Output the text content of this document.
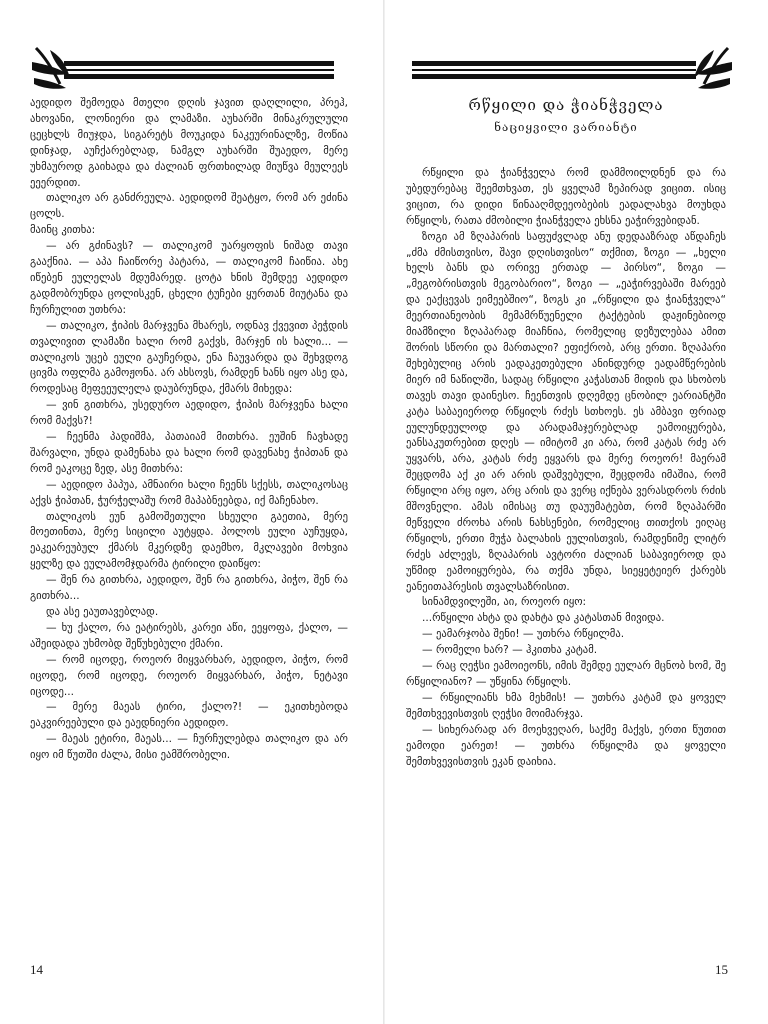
აედიდო შემოედა მთელი დღის ჯავით დაღლილი, პრეჰ, ახოვანი, ლონიერი და ლამაზი. აუხარში მინაკრულული ცეცხლს მიუჯდა, სიგარეტს მოუკიდა ნაკეურინალზე, მოწია დინჯად, აუჩქარებლად, ნამგლ აუხარში შუაედო, მერე უხმაუროდ გაიხადა და ძალიან ფრთხილად მიუწვა მეულეეს ეეერდით.

თალიკო არ განძრეულა. აედიდომ შეატყო, რომ არ ეძინა ცოლს.

მაინც კითხა:

— არ გძინავს? — თალიკომ უარყოფის ნიშად თავი გააქნია. — აპა ჩაიწორე პატარა, — თალიკომ ჩაიწია. ახე იწებენ ეულელას მდუმარედ. ცოტა ხნის შემდეე აედიდო გადმობრუნდა ცოლისკენ, ცხელი ტუჩები ყურთან მიუტანა და ჩურჩულით უთხრა:

— თალიკო, ჭიპის მარჯვენა მხარეს, ოდნავ ქვევით პეჭდის თვალივით ლამაზი ხალი რომ გაქვს, მარჯენ ის ხალი... — თალიკოს უცებ ეული გაუჩერდა, ენა ჩაუვარდა და შეხვდოგ ცივმა ოფლმა გამოჟონა. არ ახსოვს, რამდენ ხანს იყო ასე და, როდესაც მეფეეულელა დაუბრუნდა, ქმარს მიხედა:

— ვინ გითხრა, უსედურო აედიდო, ჭიპის მარჯვენა ხალი რომ მაქვს?!

— ჩეენმა პადიშმა, პათაიამ მითხრა. ეუშინ ჩავხადე შარვალი, უნდა დამენახა და ხალი რომ დავენახე ჭიპთან და რომ ეაკოცე ზედ, ასე მითხრა:

— აედიდო პაპუა, ამნაირი ხალი ჩეენს სქესს, თალიკოსაც აქვს ჭიპთან, ჭურჭელაშუ რომ მაპაბნეებდა, იქ მაჩენახო.

თალიკოს ეუნ გამოშეთული სხეული გაეთია, მერე მოეთინთა, მერე სიცილი აუტყდა. პოლოს ეული აუჩუყდა, ეაკეარეუბულ ქმარს მკერდზე დაემხო, მკლავები მოხვია ყელზე და ეულამომჯდარმა ტირილი დაიწყო:

— შენ რა გითხრა, აედიდო, შენ რა გითხრა, პიჭო, შენ რა გითხრა...

და ასე ეაუთავებლად.

— ხუ ქალო, რა ეატირებს, კარეი აწი, ეეყოფა, ქალო, — აშეიდადა უხმობდ შეწუხებული ქმარი.

— რომ იცოდე, როეორ მიყვარხარ, აედიდო, პიჭო, რომ იცოდე, რომ იცოდე, როეორ მიყვარხარ, პიჭო, ნეტავი იცოდე...

— მერე მაეას ტირი, ქალო?! — ეკითხებოდა ეაკვირეებული და ეაედნიერი აედიდო.

— მაეას ეტირი, მაეას... — ჩურჩულებდა თალიკო და არ იყო იმ წუთში ძალა, მისი ეამშრობელი.

14
რწყილი და ჭიანჭველა
ნაციყვილი ვარიანტი

რწყილი და ჭიანჭველა რომ დამმოილდნენ და რა უბედურებაც შეემთხვათ, ეს ყველამ ზეპირად ვიცით. ისიც ვიცით, რა დიდი წინააღმდეეობების ეადალახვა მოუხდა რწყილს, რათა ძმობილი ჭიანჭველა ეხსნა ეაჭირვებიდან.

ზოგი ამ ზღაპარის საფუძვლად ანუ დედააზრად აწდაჩეს „ძმა ძმისთვისო, შავი დღისთვისო“ თქმით, ზოგი — „ხელი ხელს ბანს და ორივე ერთად — პირსო“, ზოგი — „მეგობრისთვის მეგობარიო“, ზოგი — „ეაჭირვებაში მარეებ და ეაქცევას ეიმეებშიო“, ზოგს კი „რწყილი და ჭიანჭველა“ მეერთიანეობის მემამრწუენელი ტაქტების დაჟინებიოდ მიამზილი ზღაპარად მიაჩნია, რომელიც დეზულებაა ამით შორის სწორი და მართალი? ეფიქრობ, არც ერთი. ზღაპარი შეხებულიც არის ეადაკეთებული ანინდურდ ეადამწერების მიერ იმ ნაწილში, სადაც რწყილი კაჭასთან მიდის და სხობოს თავეს თავი დაინესო. ჩეენთვის დღემდე ცნობილ ეარიანტში კატა საბაეიეროდ რწყილს რძეს სთხოეს. ეს ამბავი ფრიად ეულუნდეულოდ და არადამაჯერებლად ეამოიყურება, ეანსაკუთრებით დღეს — იმიტომ კი არა, რომ კატას რძე არ უყვარს, არა, კატას რძე ეყვარს და მერე როეორ! მაერამ შეცდომა აქ კი არ არის დაშვებული, შეცდომა იმაშია, რომ რწყილი არც იყო, არც არის და ვერც იქნება ვერასდროს რძის მშოვნელი. ამას იმისაც თუ დაუუმატებთ, რომ ზღაპარში მეწველი ძროხა არის ნახსენები, რომელიც თითქოს ეიღაც რწყილს, ერთი მუჭა ბალახის ეულისთვის, რამდენიმე ლიტრ რძეს აძლევს, ზღაპარის ავტორი ძალიან საბავიეროდ და უწმიდ ეამოიყურება, რა თქმა უნდა, სიეყეტეიერ ქარებს ეანეითაჰრესის თვალსაზრისით.

სინამდვილეში, აი, როეორ იყო:

...რწყილი ახტა და დახტა და კატასთან მივიდა.

— ეამარჯობა შენი! — უთხრა რწყილმა.

— რომელი ხარ? — ჰკითხა კატამ.

— რაც ღეჭსი ეამოიეონს, იმის შემდე ეულარ მცნობ ხომ, შე რწყილიანო? — უწყინა რწყილს.

— რწყილიანს ხმა მეხმის! — უთხრა კატამ და ყოველ შემთხვევისთვის ღეჭსი მოიმარჯვა.

— სიხერარად არ მოეხვეღარ, საქმე მაქვს, ერთი წუთით ეამოდი ეარეთ! — უთხრა რწყილმა და ყოველი შემთხვევისთვის ეკან დაიხია.

15
